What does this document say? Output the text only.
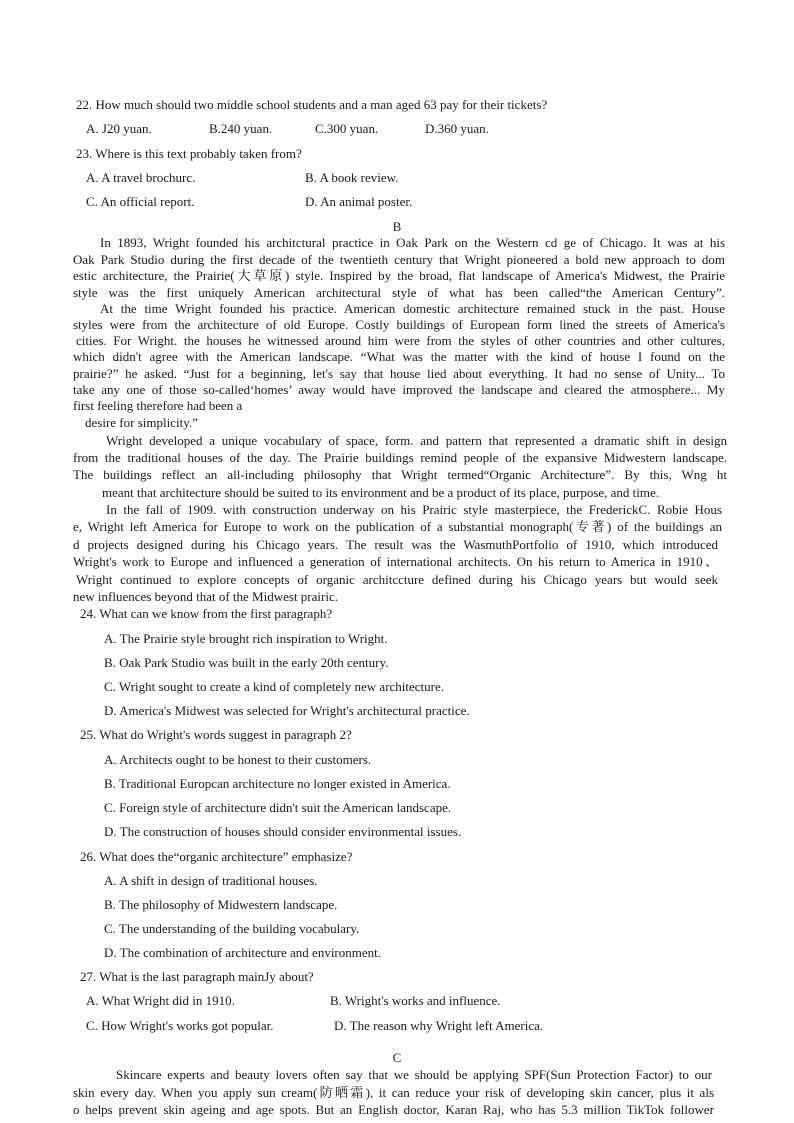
22. How much should two middle school students and a man aged 63 pay for their tickets?
A. J20 yuan.	B.240 yuan.	C.300 yuan.	D.360 yuan.
23. Where is this text probably taken from?
A. A travel brochurc.	B. A book review.
C. An official report.	D. An animal poster.
B
In 1893, Wright founded his architctural practice in Oak Park on the Western cd ge of Chicago. It was at his
Oak Park Studio during the first decade of the twentieth century that Wright pioneered a bold new approach to dom
estic architecture, the Prairie(大草原) style. Inspired by the broad, flat landscape of America's Midwest, the Prairie
style was the first uniquely American architectural style of what has been called“the American Century”.
At the time Wright founded his practice. American domestic architecture remained stuck in the past. House
styles were from the architecture of old Europe. Costly buildings of European form lined the streets of America's
cities. For Wright. the houses he witnessed around him were from the styles of other countries and other cultures,
which didn't agree with the American landscape. “What was the matter with the kind of house I found on the
prairie?” he asked. “Just for a beginning, let's say that house lied about everything. It had no sense of Unity... To
take any one of those so-called‘homes’ away would have improved the landscape and cleared the atmosphere... My
first feeling therefore had been a
desire for simplicity.”
Wright developed a unique vocabulary of space, form. and pattern that represented a dramatic shift in design
from the traditional houses of the day. The Prairie buildings remind people of the expansive Midwestern landscape.
The buildings reflect an all-including philosophy that Wright termed“Organic Architecture”. By this, Wng ht
meant that architecture should be suited to its environment and be a product of its place, purpose, and time.
In the fall of 1909. with construction underway on his Prairic style masterpiece, the FrederickC. Robie Hous
e, Wright left America for Europe to work on the publication of a substantial monograph(专著) of the buildings an
d projects designed during his Chicago years. The result was the WasmuthPortfolio of 1910, which introduced
Wright's work to Europe and influenced a generation of international architects. On his return to America in 1910、
Wright continued to explore concepts of organic architccture defined during his Chicago years but would seek
new influences beyond that of the Midwest prairic.
24. What can we know from the first paragraph?
A. The Prairie style brought rich inspiration to Wright.
B. Oak Park Studio was built in the early 20th century.
C. Wright sought to create a kind of completely new architecture.
D. America's Midwest was selected for Wright's architectural practice.
25. What do Wright's words suggest in paragraph 2?
A. Architects ought to be honest to their customers.
B. Traditional Europcan architecture no longer existed in America.
C. Foreign style of architecture didn't suit the American landscape.
D. The construction of houses should consider environmental issues.
26. What does the“organic architecture” emphasize?
A. A shift in design of traditional houses.
B. The philosophy of Midwestern landscape.
C. The understanding of the building vocabulary.
D. The combination of architecture and environment.
27. What is the last paragraph mainJy about?
A. What Wright did in 1910.	B. Wright's works and influence.
C. How Wright's works got popular.	D. The reason why Wright left America.
C
Skincare experts and beauty lovers often say that we should be applying SPF(Sun Protection Factor) to our
skin every day. When you apply sun cream(防晒霜), it can reduce your risk of developing skin cancer, plus it als
o helps prevent skin ageing and age spots. But an English doctor, Karan Raj, who has 5.3 million TikTok follower
